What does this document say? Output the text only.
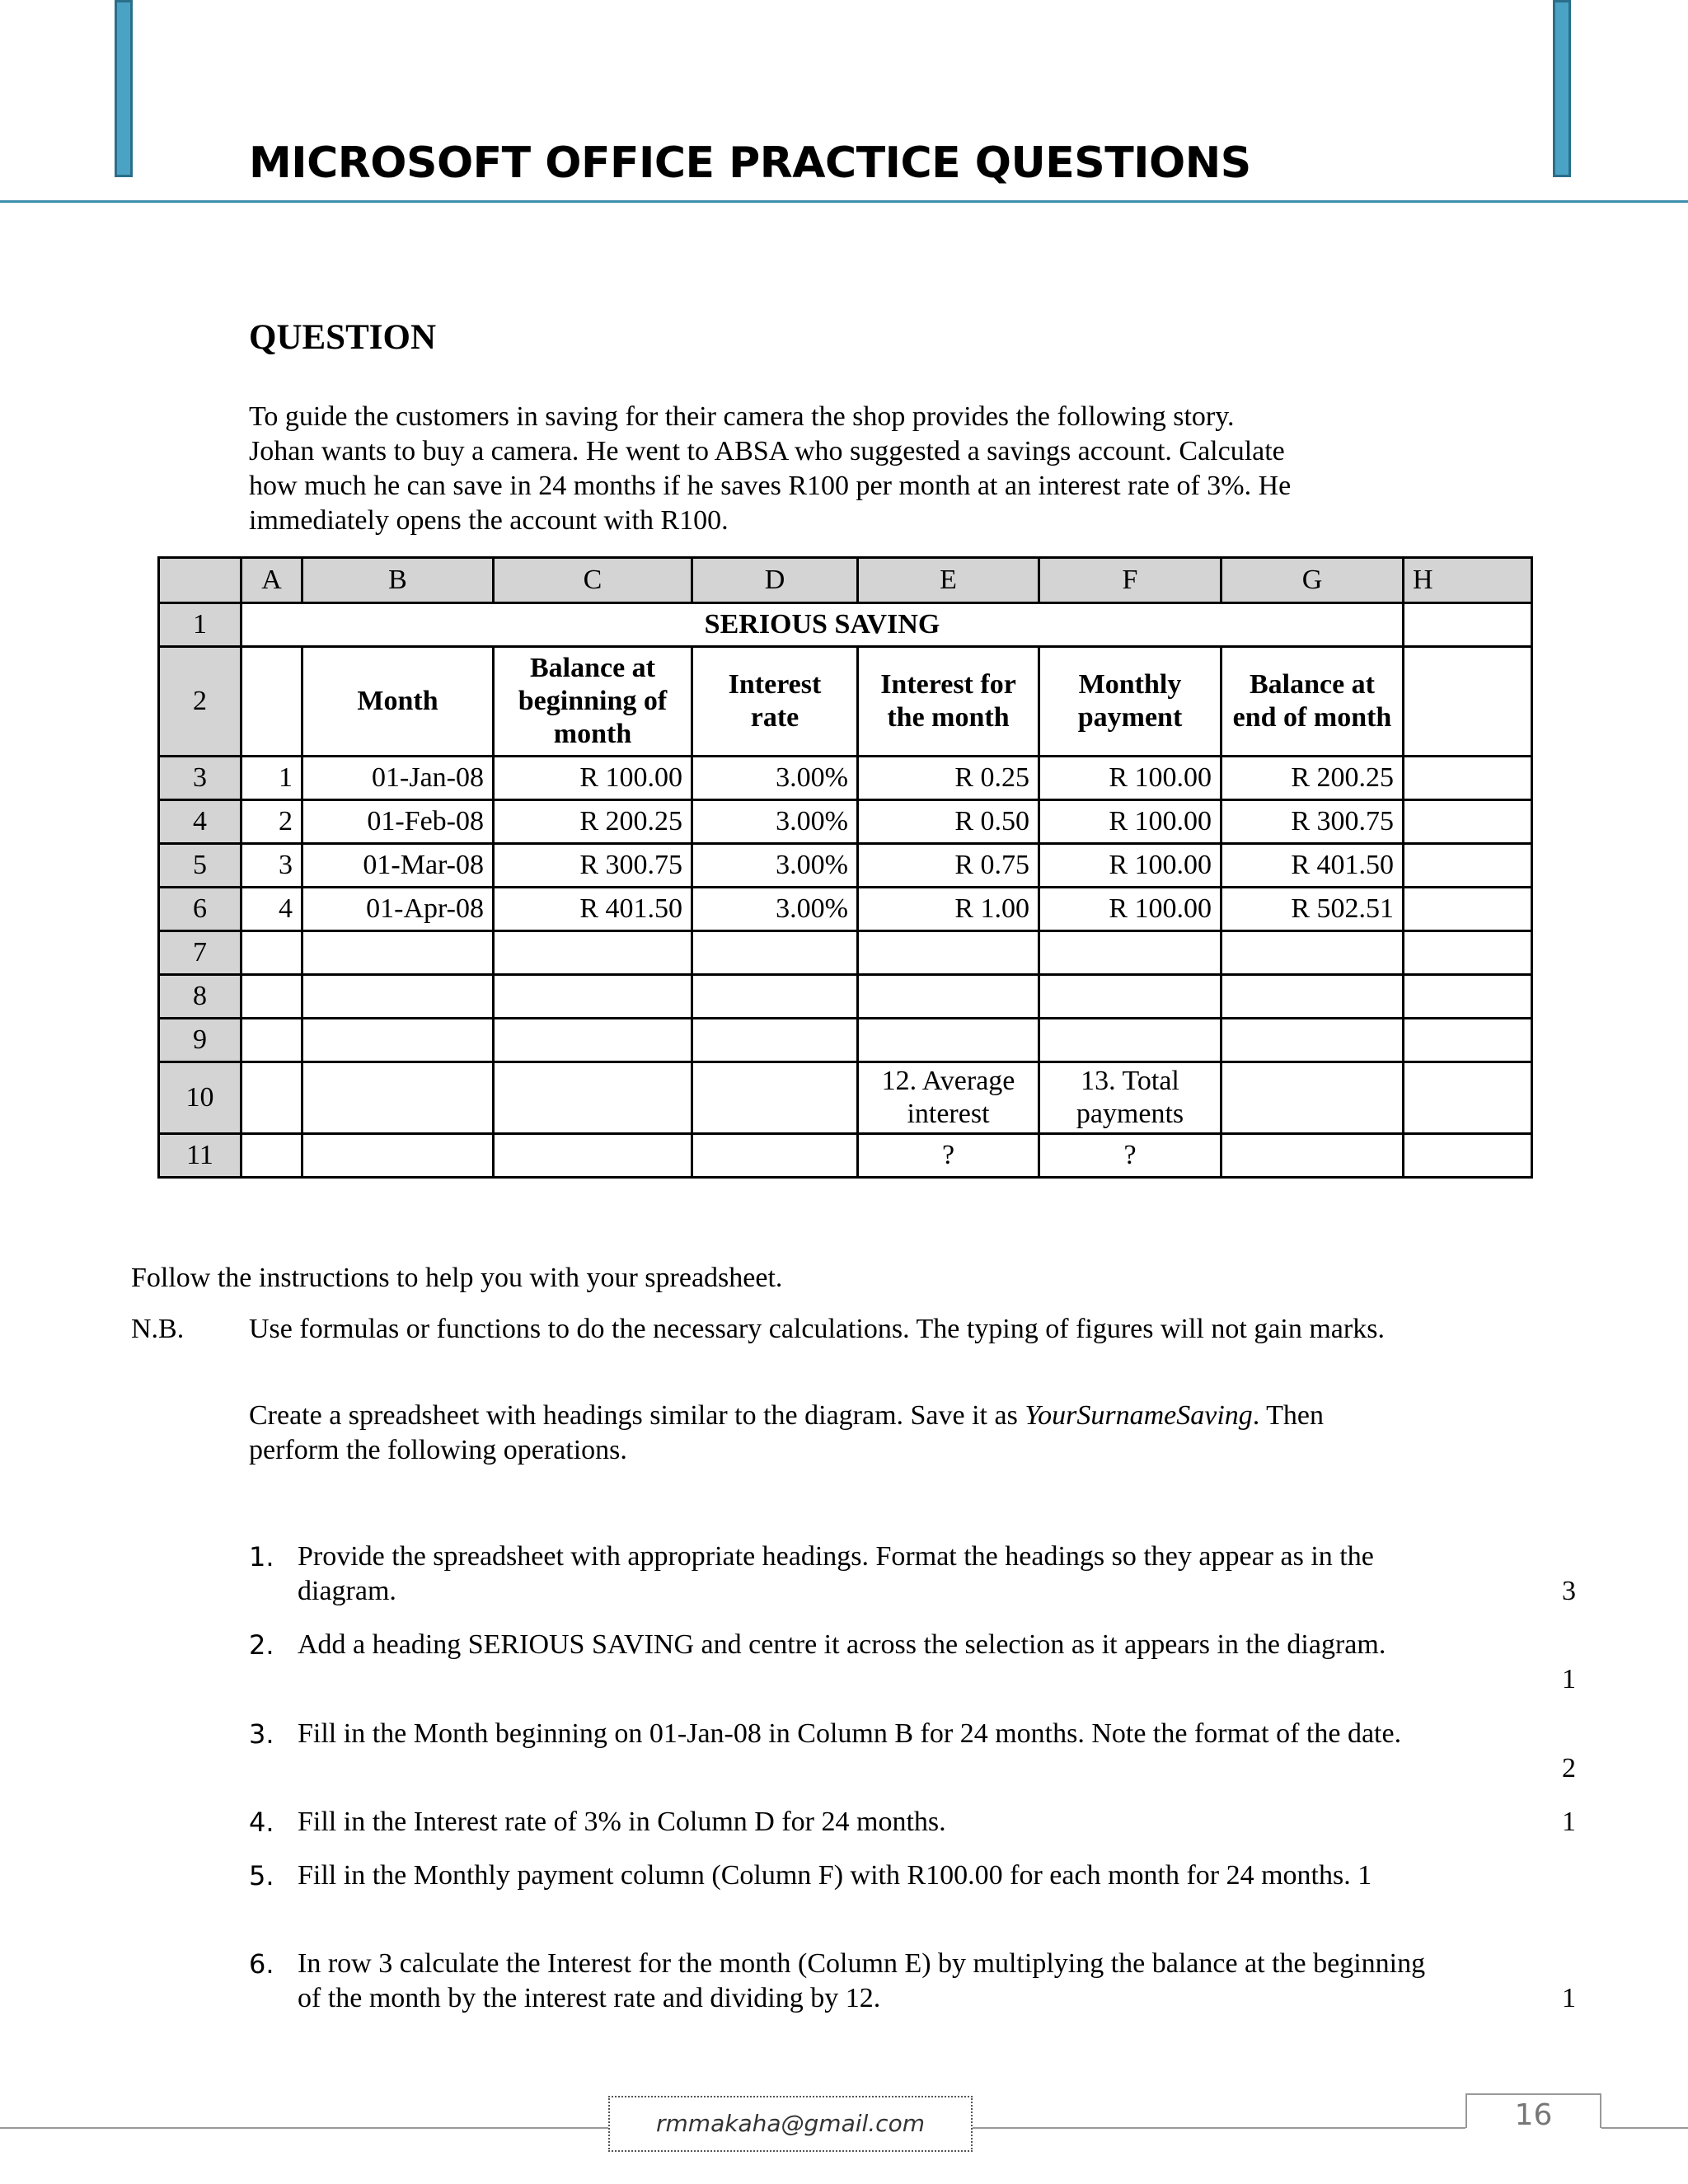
MICROSOFT OFFICE PRACTICE QUESTIONS
QUESTION
To guide the customers in saving for their camera the shop provides the following story.
Johan wants to buy a camera. He went to ABSA who suggested a savings account. Calculate
how much he can save in 24 months if he saves R100 per month at an interest rate of 3%. He
immediately opens the account with R100.
	A	B	C	D	E	F	G	H
1	SERIOUS SAVING							
2		Month	Balance at beginning of month	Interest rate	Interest for the month	Monthly payment	Balance at end of month	
3	1	01-Jan-08	R 100.00	3.00%	R 0.25	R 100.00	R 200.25	
4	2	01-Feb-08	R 200.25	3.00%	R 0.50	R 100.00	R 300.75	
5	3	01-Mar-08	R 300.75	3.00%	R 0.75	R 100.00	R 401.50	
6	4	01-Apr-08	R 401.50	3.00%	R 1.00	R 100.00	R 502.51	
7								
8								
9								
10					12. Average interest	13. Total payments		
11					?	?		
Follow the instructions to help you with your spreadsheet.
N.B. Use formulas or functions to do the necessary calculations. The typing of figures will not gain marks.
Create a spreadsheet with headings similar to the diagram. Save it as YourSurnameSaving. Then perform the following operations.
1. Provide the spreadsheet with appropriate headings. Format the headings so they appear as in the diagram.	3
2. Add a heading SERIOUS SAVING and centre it across the selection as it appears in the diagram.
1
3. Fill in the Month beginning on 01-Jan-08 in Column B for 24 months. Note the format of the date.
2
4. Fill in the Interest rate of 3% in Column D for 24 months.	1
5. Fill in the Monthly payment column (Column F) with R100.00 for each month for 24 months. 1
6. In row 3 calculate the Interest for the month (Column E) by multiplying the balance at the beginning of the month by the interest rate and dividing by 12.	1
rmmakaha@gmail.com	16
